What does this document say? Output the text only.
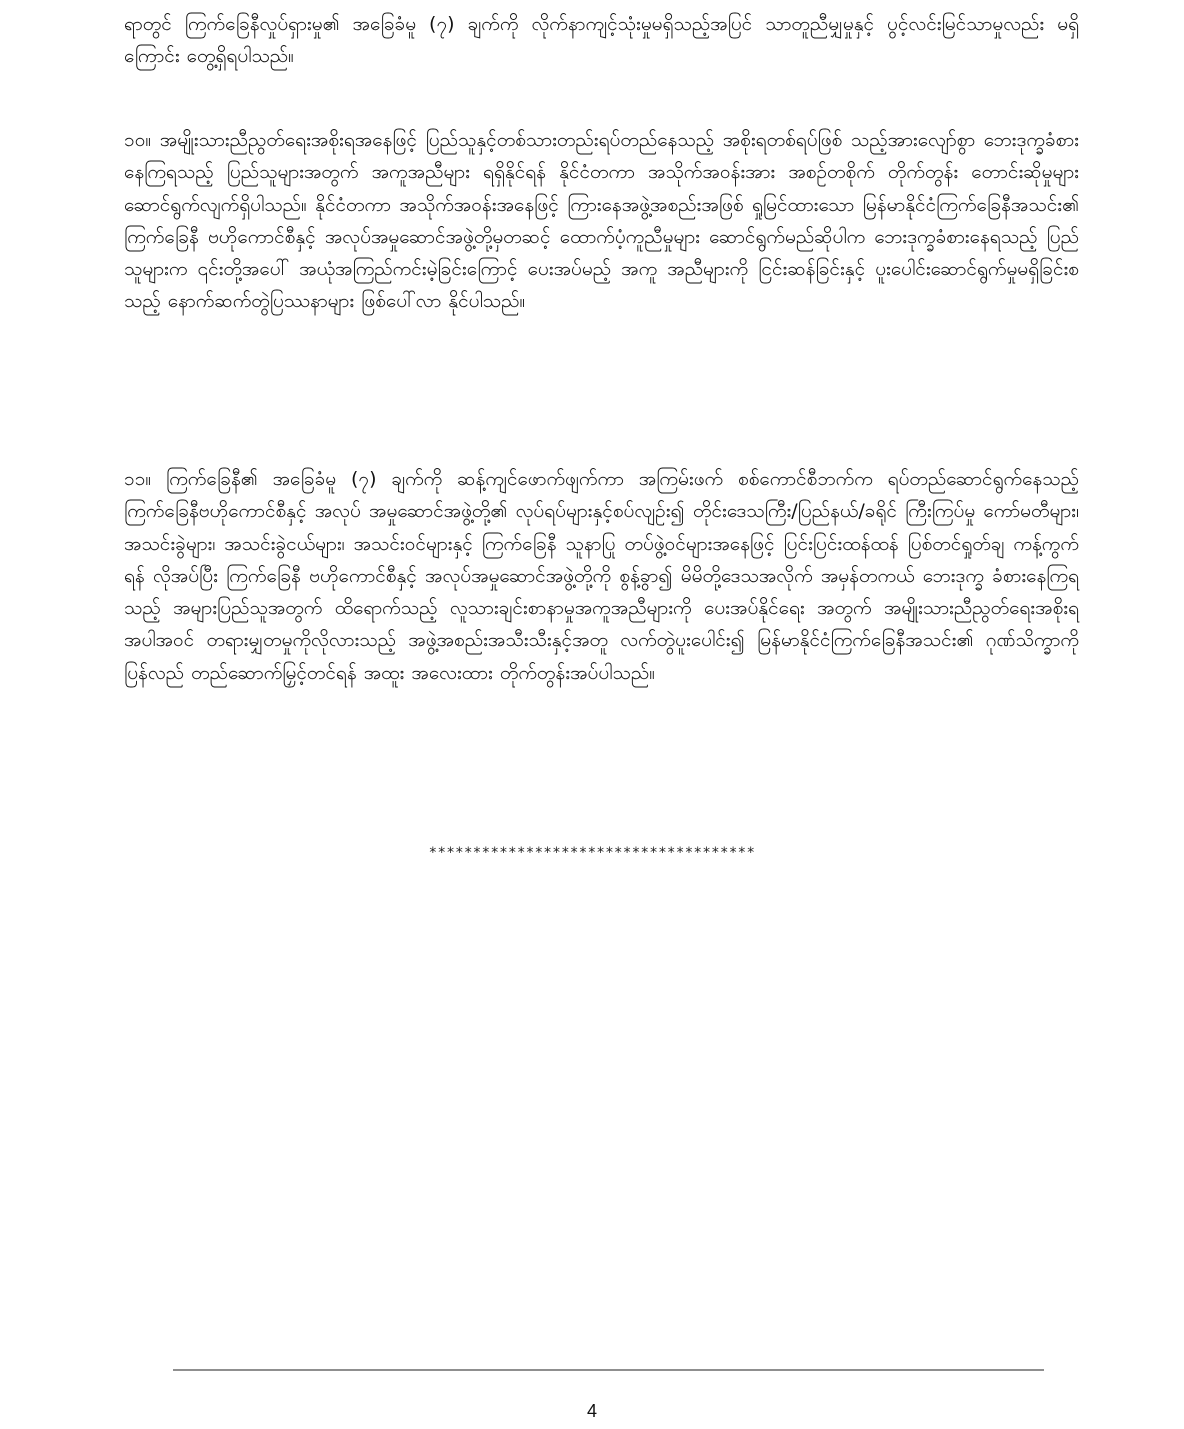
ရာတွင် ကြက်ခြေနီလှုပ်ရှားမှု၏ အခြေခံမူ (၇) ချက်ကို လိုက်နာကျင့်သုံးမှုမရှိသည့်အပြင် သာတူညီမျှမှုနှင့် ပွင့်လင်းမြင်သာမှုလည်း မရှိကြောင်း တွေ့ရှိရပါသည်။

၁၀။ အမျိုးသားညီညွတ်ရေးအစိုးရအနေဖြင့် ပြည်သူနှင့်တစ်သားတည်းရပ်တည်နေသည့် အစိုးရတစ်ရပ်ဖြစ် သည့်အားလျော်စွာ ဘေးဒုက္ခခံစားနေကြရသည့် ပြည်သူများအတွက် အကူအညီများ ရရှိနိုင်ရန် နိုင်ငံတကာ အသိုက်အဝန်းအား အစဉ်တစိုက် တိုက်တွန်း တောင်းဆိုမှုများ ဆောင်ရွက်လျက်ရှိပါသည်။ နိုင်ငံတကာ အသိုက်အဝန်းအနေဖြင့် ကြားနေအဖွဲ့အစည်းအဖြစ် ရှုမြင်ထားသော မြန်မာနိုင်ငံကြက်ခြေနီအသင်း၏ ကြက်ခြေနီ ဗဟိုကောင်စီနှင့် အလုပ်အမှုဆောင်အဖွဲ့တို့မှတဆင့် ထောက်ပံ့ကူညီမှုများ ဆောင်ရွက်မည်ဆိုပါက ဘေးဒုက္ခခံစားနေရသည့် ပြည်သူများက ၎င်းတို့အပေါ် အယုံအကြည်ကင်းမဲ့ခြင်းကြောင့် ပေးအပ်မည့် အကူ အညီများကို ငြင်းဆန်ခြင်းနှင့် ပူးပေါင်းဆောင်ရွက်မှုမရှိခြင်းစသည့် နောက်ဆက်တွဲပြဿနာများ ဖြစ်ပေါ်လာ နိုင်ပါသည်။

၁၁။ ကြက်ခြေနီ၏ အခြေခံမူ (၇) ချက်ကို ဆန့်ကျင်ဖောက်ဖျက်ကာ အကြမ်းဖက် စစ်ကောင်စီဘက်က ရပ်တည်ဆောင်ရွက်နေသည့် ကြက်ခြေနီဗဟိုကောင်စီနှင့် အလုပ် အမှုဆောင်အဖွဲ့တို့၏ လုပ်ရပ်များနှင့်စပ်လျဉ်း၍ တိုင်းဒေသကြီး/ပြည်နယ်/ခရိုင် ကြီးကြပ်မှု ကော်မတီများ၊ အသင်းခွဲများ၊ အသင်းခွဲငယ်များ၊ အသင်းဝင်များနှင့် ကြက်ခြေနီ သူနာပြု တပ်ဖွဲ့ဝင်များအနေဖြင့် ပြင်းပြင်းထန်ထန် ပြစ်တင်ရှုတ်ချ ကန့်ကွက်ရန် လိုအပ်ပြီး ကြက်ခြေနီ ဗဟိုကောင်စီနှင့် အလုပ်အမှုဆောင်အဖွဲ့တို့ကို စွန့်ခွာ၍ မိမိတို့ဒေသအလိုက် အမှန်တကယ် ဘေးဒုက္ခ ခံစားနေကြရသည့် အများပြည်သူအတွက် ထိရောက်သည့် လူသားချင်းစာနာမှုအကူအညီများကို ပေးအပ်နိုင်ရေး အတွက် အမျိုးသားညီညွတ်ရေးအစိုးရအပါအဝင် တရားမျှတမှုကိုလိုလားသည့် အဖွဲ့အစည်းအသီးသီးနှင့်အတူ လက်တွဲပူးပေါင်း၍ မြန်မာနိုင်ငံကြက်ခြေနီအသင်း၏ ဂုဏ်သိက္ခာကို ပြန်လည် တည်ဆောက်မြှင့်တင်ရန် အထူး အလေးထား တိုက်တွန်းအပ်ပါသည်။

*************************************
4
